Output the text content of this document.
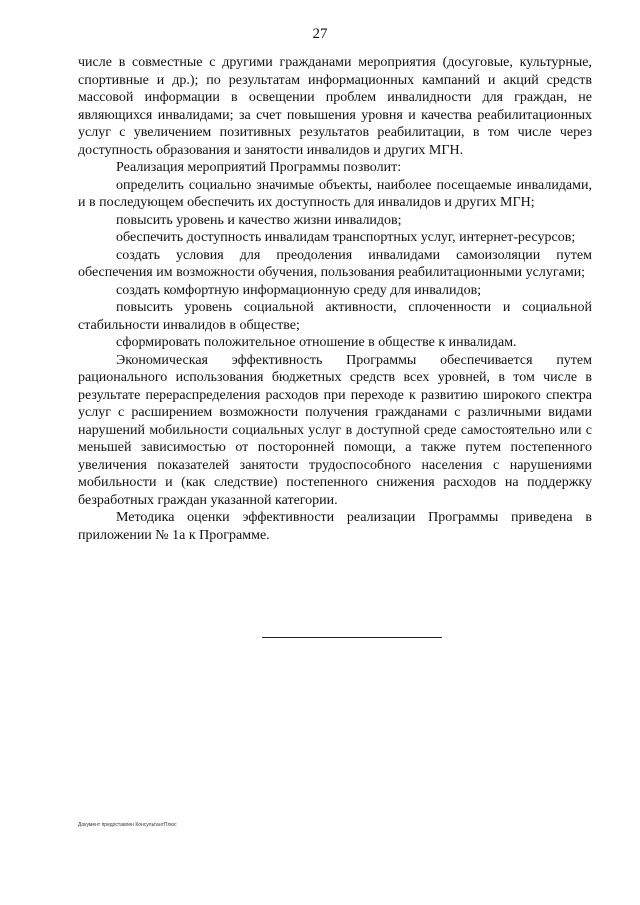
27

числе в совместные с другими гражданами мероприятия (досуговые, культурные, спортивные и др.); по результатам информационных кампаний и акций средств массовой информации в освещении проблем инвалидности для граждан, не являющихся инвалидами; за счет повышения уровня и качества реабилитационных услуг с увеличением позитивных результатов реабилитации, в том числе через доступность образования и занятости инвалидов и других МГН.

Реализация мероприятий Программы позволит:

определить социально значимые объекты, наиболее посещаемые инвалидами, и в последующем обеспечить их доступность для инвалидов и других МГН;

повысить уровень и качество жизни инвалидов;

обеспечить доступность инвалидам транспортных услуг, интернет-ресурсов;

создать условия для преодоления инвалидами самоизоляции путем обеспечения им возможности обучения, пользования реабилитационными услугами;

создать комфортную информационную среду для инвалидов;

повысить уровень социальной активности, сплоченности и социальной стабильности инвалидов в обществе;

сформировать положительное отношение в обществе к инвалидам.

Экономическая эффективность Программы обеспечивается путем рационального использования бюджетных средств всех уровней, в том числе в результате перераспределения расходов при переходе к развитию широкого спектра услуг с расширением возможности получения гражданами с различными видами нарушений мобильности социальных услуг в доступной среде самостоятельно или с меньшей зависимостью от посторонней помощи, а также путем постепенного увеличения показателей занятости трудоспособного населения с нарушениями мобильности и (как следствие) постепенного снижения расходов на поддержку безработных граждан указанной категории.

Методика оценки эффективности реализации Программы приведена в приложении № 1а к Программе.

Документ предоставлен КонсультантПлюс
